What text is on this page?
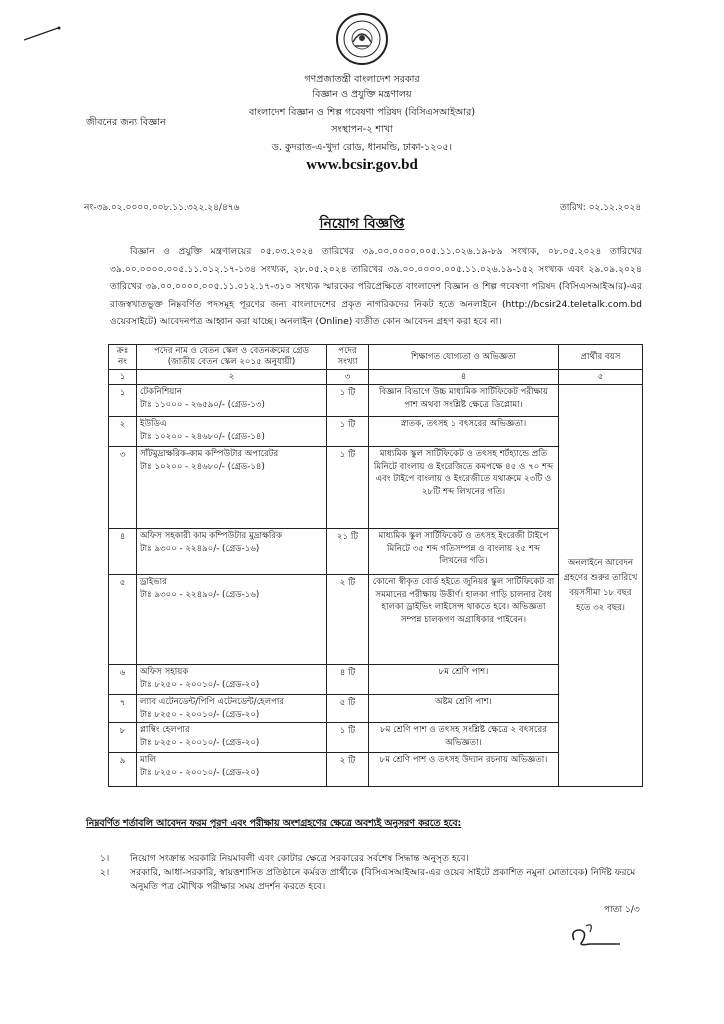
গণপ্রজাতন্ত্রী বাংলাদেশ সরকার
বিজ্ঞান ও প্রযুক্তি মন্ত্রণালয়
বাংলাদেশ বিজ্ঞান ও শিল্প গবেষণা পরিষদ (বিসিএসআইআর)
সংস্থাপন-২ শাখা
ড. কুদরাত-এ-খুদা রোড, ধানমন্ডি, ঢাকা-১২০৫।
www.bcsir.gov.bd
জীবনের জন্য বিজ্ঞান
নং-৩৯.০২.০০০০.০০৮.১১.৩২২.২৪/৪৭৬	তারিখ: ০২.১২.২০২৪
নিয়োগ বিজ্ঞপ্তি
বিজ্ঞান ও প্রযুক্তি মন্ত্রণালয়ের ০৫.০৩.২০২৪ তারিখের ৩৯.০০.০০০০.০০৫.১১.০২৬.১৯-৮৯ সংখ্যক, ০৮.০৫.২০২৪ তারিখের ৩৯.০০.০০০০.০০৫.১১.০১২.১৭-১৩৪ সংখ্যক, ২৮.০৫.২০২৪ তারিখের ৩৯.০০.০০০০.০০৫.১১.০২৬.১৯-১৫২ সংখ্যক এবং ২৯.০৯.২০২৪ তারিখের ৩৯.০০.০০০০.০০৫.১১.০১২.১৭-৩১০ সংখ্যক স্মারকের পরিপ্রেক্ষিতে বাংলাদেশ বিজ্ঞান ও শিল্প গবেষণা পরিষদ (বিসিএসআইআর)-এর রাজস্বখাতভুক্ত নিম্নবর্ণিত পদসমূহ পূরণের জন্য বাংলাদেশের প্রকৃত নাগরিকদের নিকট হতে অনলাইনে (http://bcsir24.teletalk.com.bd ওয়েবসাইটে) আবেদনপত্র আহ্বান করা যাচ্ছে। অনলাইন (Online) ব্যতীত কোন আবেদন গ্রহণ করা হবে না।
ক্রঃ নং	পদের নাম ও বেতন স্কেল ও বেতনক্রমের গ্রেড (জাতীয় বেতন স্কেল ২০১৫ অনুযায়ী)	পদের সংখ্যা	শিক্ষাগত যোগ্যতা ও অভিজ্ঞতা	প্রার্থীর বয়স
১	২	৩	৪	৫
১	টেকনিশিয়ান
টাঃ ১১০০০ - ২৬৫৯০/- (গ্রেড-১৩)	১ টি	বিজ্ঞান বিভাগে উচ্চ মাধ্যমিক সার্টিফিকেট পরীক্ষায় পাশ অথবা সংশ্লিষ্ট ক্ষেত্রে ডিপ্লোমা।	অনলাইনে আবেদন গ্রহণের শুরুর তারিখে বয়সসীমা ১৮ বছর হতে ৩২ বছর।
২	ইউডিএ
টাঃ ১০২০০ - ২৪৬৮০/- (গ্রেড-১৪)	১ টি	স্নাতক, তৎসহ ১ বৎসরের অভিজ্ঞতা।	
৩	সাঁটমুদ্রাক্ষরিক-কাম কম্পিউটার অপারেটর
টাঃ ১০২০০ - ২৪৬৮০/- (গ্রেড-১৪)	১ টি	মাধ্যমিক স্কুল সার্টিফিকেট ও তৎসহ শর্টহ্যান্ডে প্রতি মিনিটে বাংলায় ও ইংরেজিতে কমপক্ষে ৪৫ ও ৭০ শব্দ এবং টাইপে বাংলায় ও ইংরেজীতে যথাক্রমে ২৩টি ও ২৮টি শব্দ লিখনের গতি।	
৪	অফিস সহকারী কাম কম্পিউটার মুদ্রাক্ষরিক
টাঃ ৯৩০০ - ২২৪৯০/- (গ্রেড-১৬)	২১ টি	মাধ্যমিক স্কুল সার্টিফিকেট ও তৎসহ ইংরেজী টাইপে মিনিটে ৩৫ শব্দ গতিসম্পন্ন ও বাংলায় ২৫ শব্দ লিখনের গতি।	
৫	ড্রাইভার
টাঃ ৯৩০০ - ২২৪৯০/- (গ্রেড-১৬)	২ টি	কোনো স্বীকৃত বোর্ড হইতে জুনিয়র স্কুল সার্টিফিকেট বা সমমানের পরীক্ষায় উত্তীর্ণ। হালকা গাড়ি চালনার বৈধ হালকা ড্রাইভিং লাইসেন্স থাকতে হবে। অভিজ্ঞতা সম্পন্ন চালকগণ অগ্রাধিকার পাইবেন।	
৬	অফিস সহায়ক
টাঃ ৮২৫০ - ২০০১০/- (গ্রেড-২০)	৪ টি	৮ম শ্রেণি পাশ।	
৭	ল্যাব এটেনডেন্ট/পিপি এটেনডেন্ট/হেলপার
টাঃ ৮২৫০ - ২০০১০/- (গ্রেড-২০)	৫ টি	অষ্টম শ্রেণি পাশ।	
৮	প্লাম্বিং হেলপার
টাঃ ৮২৫০ - ২০০১০/- (গ্রেড-২০)	১ টি	৮ম শ্রেণি পাশ ও তৎসহ সংশ্লিষ্ট ক্ষেত্রে ২ বৎসরের অভিজ্ঞতা।	
৯	মালি
টাঃ ৮২৫০ - ২০০১০/- (গ্রেড-২০)	২ টি	৮ম শ্রেণি পাশ ও তৎসহ উদ্যান রচনায় অভিজ্ঞতা।	
নিম্নবর্ণিত শর্তাবলি আবেদন ফরম পূরণ এবং পরীক্ষায় অংশগ্রহণের ক্ষেত্রে অবশ্যই অনুসরণ করতে হবে:
১। নিয়োগ সংক্রান্ত সরকারি নিয়মাবলী এবং কোটার ক্ষেত্রে সরকারের সর্বশেষ সিদ্ধান্ত অনুসৃত হবে।
২। সরকারি, আধা-সরকারি, স্বায়ত্তশাসিত প্রতিষ্ঠানে কর্মরত প্রার্থীকে (বিসিএসআইআর-এর ওয়েব সাইটে প্রকাশিত নমুনা মোতাবেক) নির্দিষ্ট ফরমে অনুমতি পত্র মৌখিক পরীক্ষার সময় প্রদর্শন করতে হবে।
পাতা ১/৩
